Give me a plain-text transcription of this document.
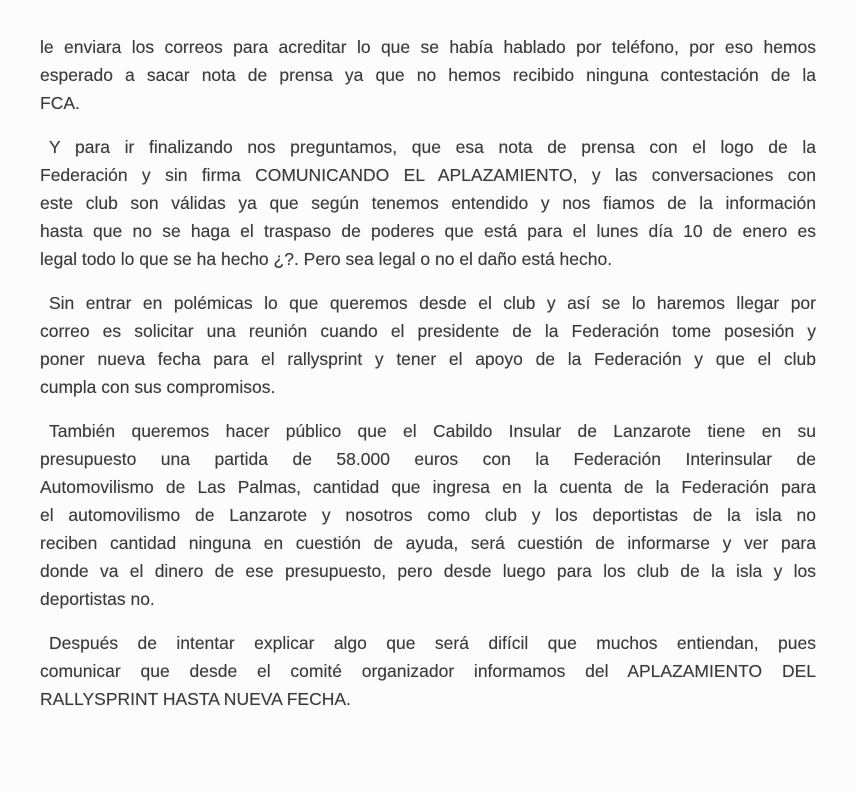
le enviara los correos para acreditar lo que se había hablado por teléfono, por eso hemos
esperado a sacar nota de prensa ya que no hemos recibido ninguna contestación de la
FCA.
Y para ir finalizando nos preguntamos, que esa nota de prensa con el logo de la
Federación y sin firma COMUNICANDO EL APLAZAMIENTO, y las conversaciones con
este club son válidas ya que según tenemos entendido y nos fiamos de la información
hasta que no se haga el traspaso de poderes que está para el lunes día 10 de enero es
legal todo lo que se ha hecho ¿?. Pero sea legal o no el daño está hecho.
Sin entrar en polémicas lo que queremos desde el club y así se lo haremos llegar por
correo es solicitar una reunión cuando el presidente de la Federación tome posesión y
poner nueva fecha para el rallysprint y tener el apoyo de la Federación y que el club
cumpla con sus compromisos.
También queremos hacer público que el Cabildo Insular de Lanzarote tiene en su
presupuesto una partida de 58.000 euros con la Federación Interinsular de
Automovilismo de Las Palmas, cantidad que ingresa en la cuenta de la Federación para
el automovilismo de Lanzarote y nosotros como club y los deportistas de la isla no
reciben cantidad ninguna en cuestión de ayuda, será cuestión de informarse y ver para
donde va el dinero de ese presupuesto, pero desde luego para los club de la isla y los
deportistas no.
Después de intentar explicar algo que será difícil que muchos entiendan, pues
comunicar que desde el comité organizador informamos del APLAZAMIENTO DEL
RALLYSPRINT HASTA NUEVA FECHA.
